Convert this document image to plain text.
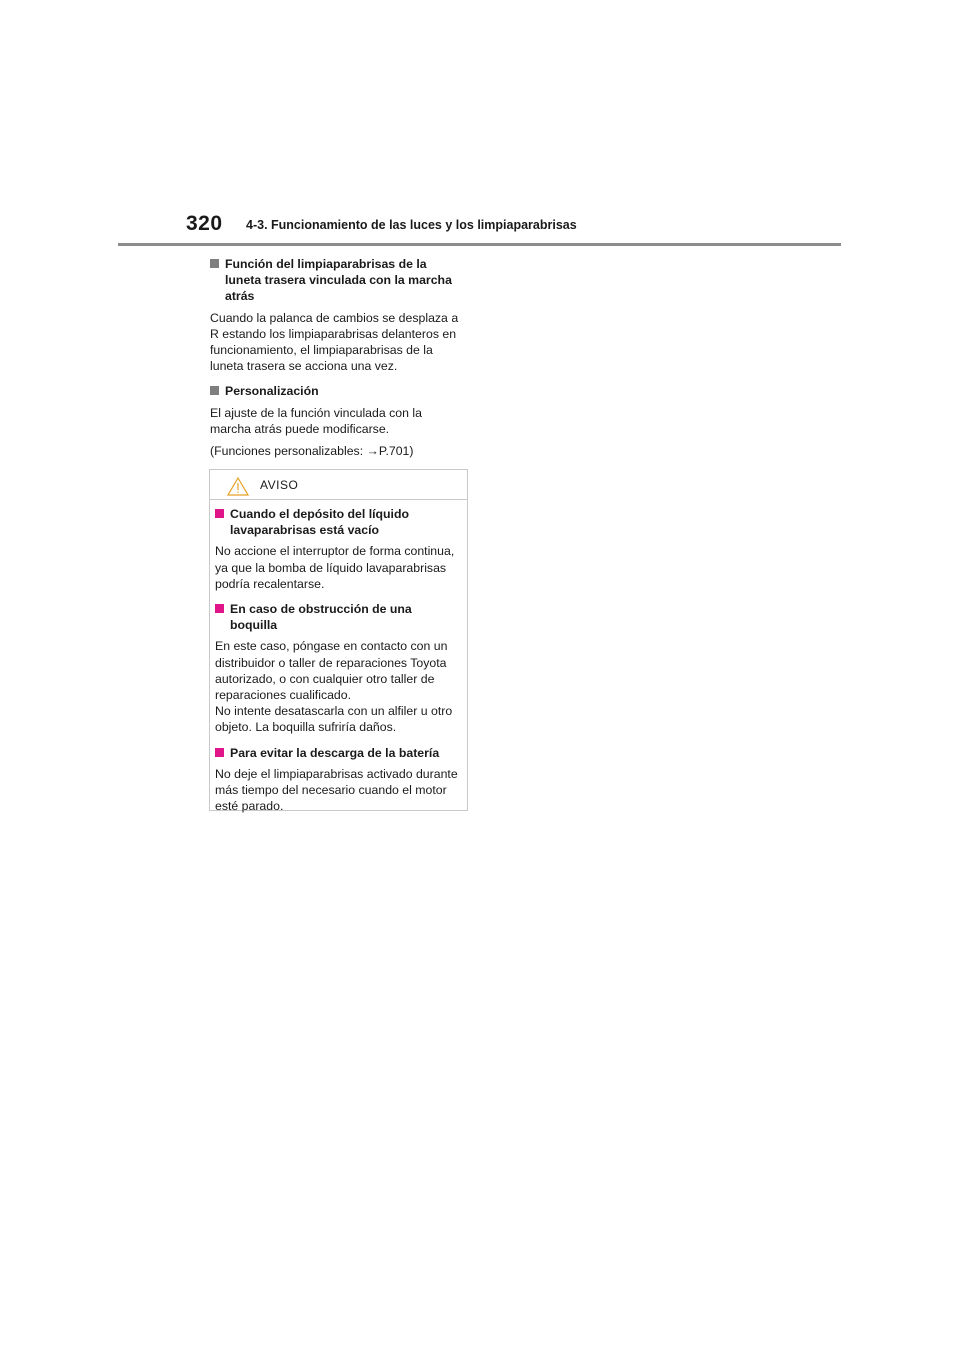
320 4-3. Funcionamiento de las luces y los limpiaparabrisas

Función del limpiaparabrisas de la luneta trasera vinculada con la marcha atrás

Cuando la palanca de cambios se desplaza a R estando los limpiaparabrisas delanteros en funcionamiento, el limpiaparabrisas de la luneta trasera se acciona una vez.

Personalización

El ajuste de la función vinculada con la marcha atrás puede modificarse.

(Funciones personalizables: →P.701)

AVISO

Cuando el depósito del líquido lavaparabrisas está vacío

No accione el interruptor de forma continua, ya que la bomba de líquido lavaparabrisas podría recalentarse.

En caso de obstrucción de una boquilla

En este caso, póngase en contacto con un distribuidor o taller de reparaciones Toyota autorizado, o con cualquier otro taller de reparaciones cualificado.

No intente desatascarla con un alfiler u otro objeto. La boquilla sufriría daños.

Para evitar la descarga de la batería

No deje el limpiaparabrisas activado durante más tiempo del necesario cuando el motor esté parado.
